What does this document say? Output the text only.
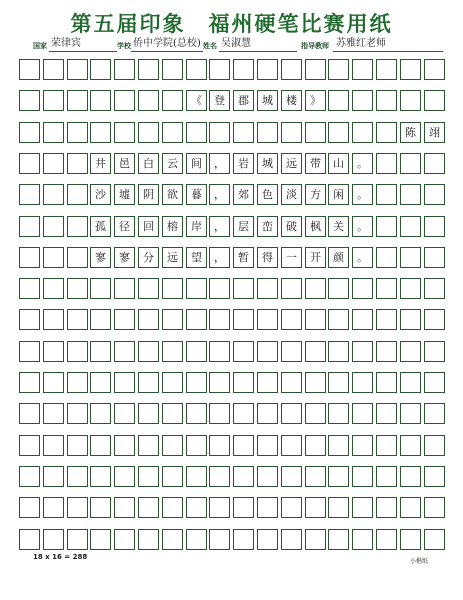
第五届印象　福州硬笔比赛用纸
国家 荣律宾	学校 侨中学院(总校) 姓名 吴淑慧	指导教师 苏雅红老师
《	登	郡	城	楼	》
陈	翊
井	邑	白	云	间	，	岩	城	远	带	山	。
沙	墟	阴	欲	暮	，	郊	色	淡	方	闲	。
孤	径	回	榕	岸	，	层	峦	破	枫	关	。
寥	寥	分	远	望	，	暂	得	一	开	颜	。
18 x 16 = 288
小楷纸
